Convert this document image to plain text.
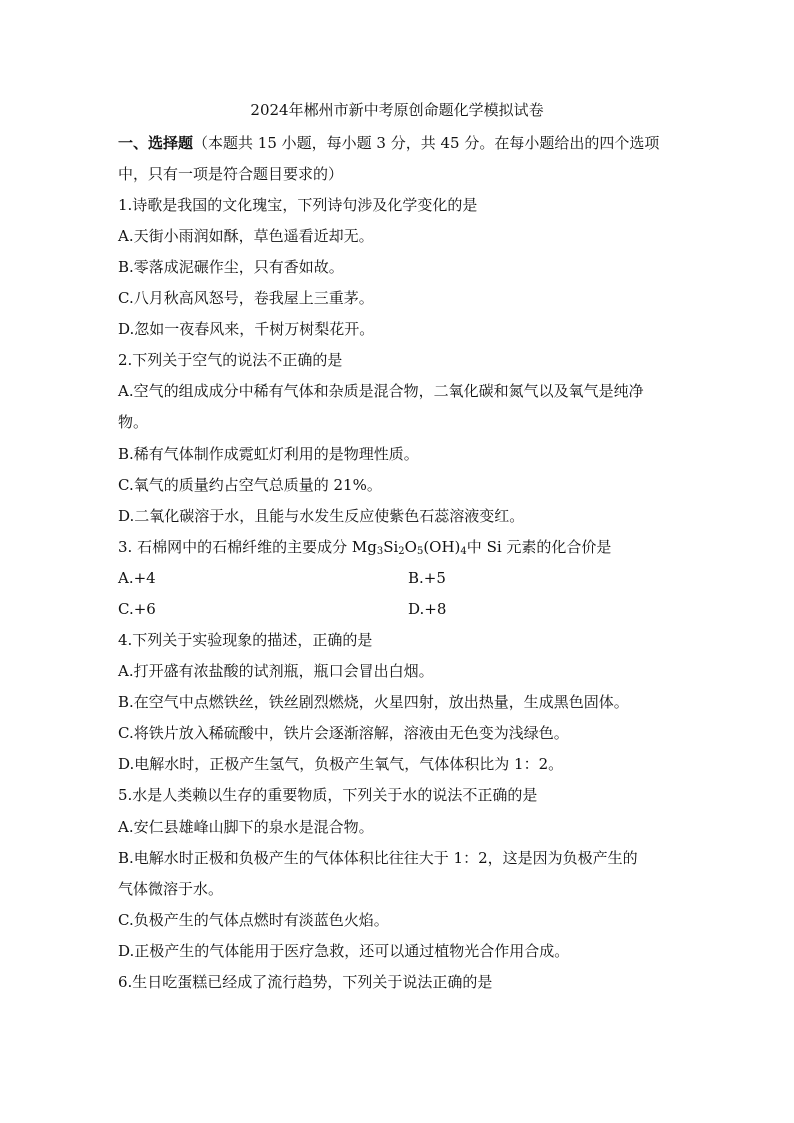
2024年郴州市新中考原创命题化学模拟试卷
一、选择题（本题共 15 小题，每小题 3 分，共 45 分。在每小题给出的四个选项
中，只有一项是符合题目要求的）
1.诗歌是我国的文化瑰宝，下列诗句涉及化学变化的是
A.天街小雨润如酥，草色遥看近却无。
B.零落成泥碾作尘，只有香如故。
C.八月秋高风怒号，卷我屋上三重茅。
D.忽如一夜春风来，千树万树梨花开。
2.下列关于空气的说法不正确的是
A.空气的组成成分中稀有气体和杂质是混合物，二氧化碳和氮气以及氧气是纯净
物。
B.稀有气体制作成霓虹灯利用的是物理性质。
C.氧气的质量约占空气总质量的 21%。
D.二氧化碳溶于水，且能与水发生反应使紫色石蕊溶液变红。
3. 石棉网中的石棉纤维的主要成分 $Mg_3Si_2O_5(OH)_4$中 Si 元素的化合价是
A.+4	B.+5
C.+6	D.+8
4.下列关于实验现象的描述，正确的是
A.打开盛有浓盐酸的试剂瓶，瓶口会冒出白烟。
B.在空气中点燃铁丝，铁丝剧烈燃烧，火星四射，放出热量，生成黑色固体。
C.将铁片放入稀硫酸中，铁片会逐渐溶解，溶液由无色变为浅绿色。
D.电解水时，正极产生氢气，负极产生氧气，气体体积比为 1：2。
5.水是人类赖以生存的重要物质，下列关于水的说法不正确的是
A.安仁县雄峰山脚下的泉水是混合物。
B.电解水时正极和负极产生的气体体积比往往大于 1：2，这是因为负极产生的
气体微溶于水。
C.负极产生的气体点燃时有淡蓝色火焰。
D.正极产生的气体能用于医疗急救，还可以通过植物光合作用合成。
6.生日吃蛋糕已经成了流行趋势，下列关于说法正确的是
